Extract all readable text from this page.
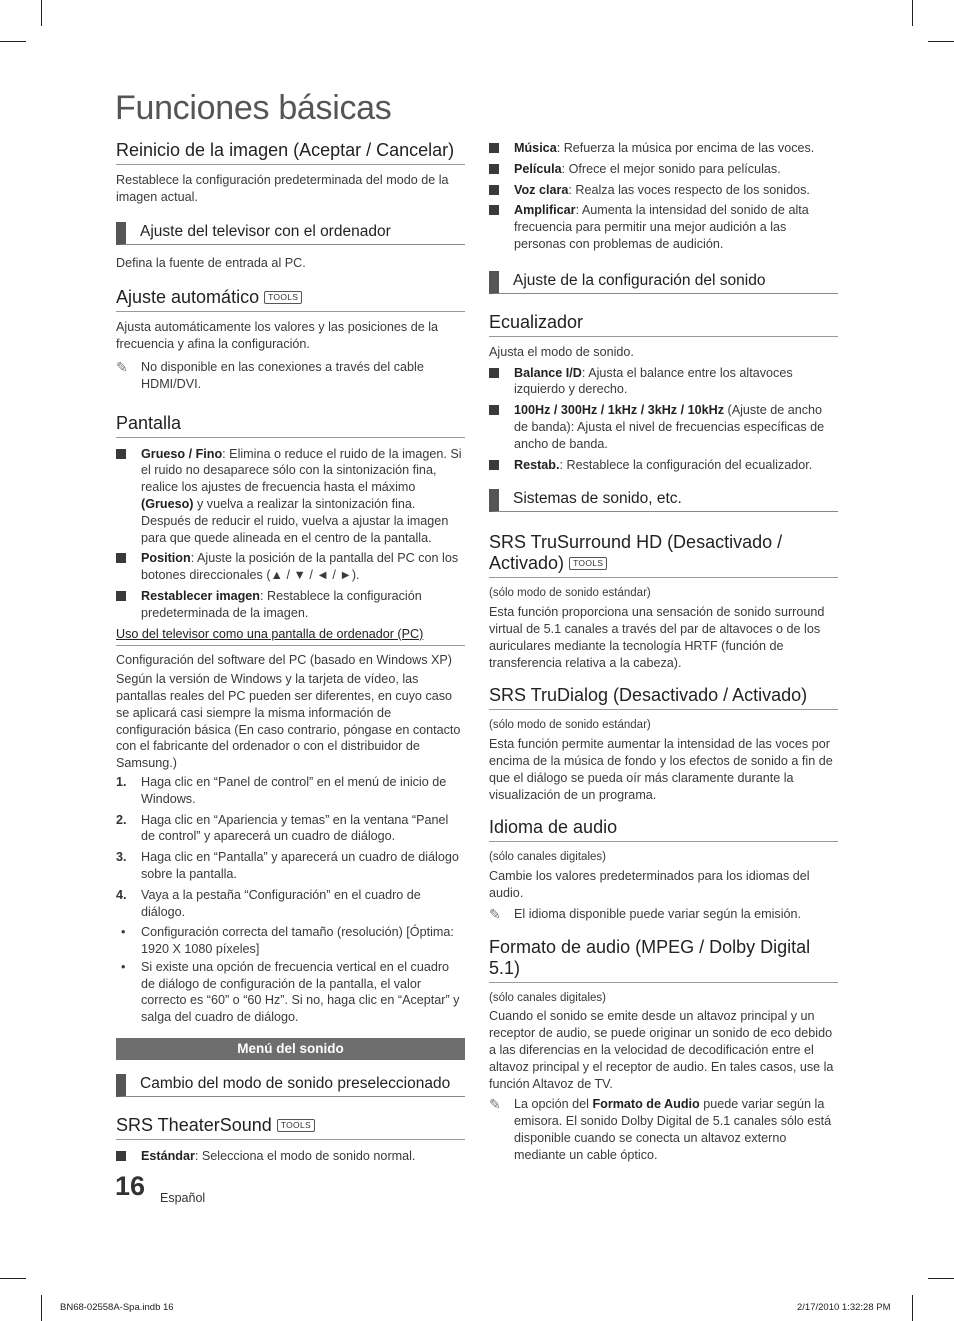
Funciones básicas
Reinicio de la imagen (Aceptar / Cancelar)

Restablece la configuración predeterminada del modo de la imagen actual.

Ajuste del televisor con el ordenador

Defina la fuente de entrada al PC.

Ajuste automático TOOLS

Ajusta automáticamente los valores y las posiciones de la frecuencia y afina la configuración.

✎ No disponible en las conexiones a través del cable HDMI/DVI.
Pantalla
Grueso / Fino: Elimina o reduce el ruido de la imagen. Si el ruido no desaparece sólo con la sintonización fina, realice los ajustes de frecuencia hasta el máximo (Grueso) y vuelva a realizar la sintonización fina. Después de reducir el ruido, vuelva a ajustar la imagen para que quede alineada en el centro de la pantalla.
Position: Ajuste la posición de la pantalla del PC con los botones direccionales (▲ / ▼ / ◄ / ►).
Restablecer imagen: Restablece la configuración predeterminada de la imagen.
Uso del televisor como una pantalla de ordenador (PC)

Configuración del software del PC (basado en Windows XP)

Según la versión de Windows y la tarjeta de vídeo, las pantallas reales del PC pueden ser diferentes, en cuyo caso se aplicará casi siempre la misma información de configuración básica (En caso contrario, póngase en contacto con el fabricante del ordenador o con el distribuidor de Samsung.)

1. Haga clic en “Panel de control” en el menú de inicio de Windows.
2. Haga clic en “Apariencia y temas” en la ventana “Panel de control” y aparecerá un cuadro de diálogo.
3. Haga clic en “Pantalla” y aparecerá un cuadro de diálogo sobre la pantalla.
4. Vaya a la pestaña “Configuración” en el cuadro de diálogo.
• Configuración correcta del tamaño (resolución) [Óptima: 1920 X 1080 píxeles]
• Si existe una opción de frecuencia vertical en el cuadro de diálogo de configuración de la pantalla, el valor correcto es “60” o “60 Hz”. Si no, haga clic en “Aceptar” y salga del cuadro de diálogo.
Menú del sonido
Cambio del modo de sonido preseleccionado
SRS TheaterSound TOOLS
Estándar: Selecciona el modo de sonido normal.
Música: Refuerza la música por encima de las voces.
Película: Ofrece el mejor sonido para películas.
Voz clara: Realza las voces respecto de los sonidos.
Amplificar: Aumenta la intensidad del sonido de alta frecuencia para permitir una mejor audición a las personas con problemas de audición.
Ajuste de la configuración del sonido
Ecualizador

Ajusta el modo de sonido.

Balance I/D: Ajusta el balance entre los altavoces izquierdo y derecho.
100Hz / 300Hz / 1kHz / 3kHz / 10kHz (Ajuste de ancho de banda): Ajusta el nivel de frecuencias específicas de ancho de banda.
Restab.: Restablece la configuración del ecualizador.
Sistemas de sonido, etc.
SRS TruSurround HD (Desactivado / Activado) TOOLS

(sólo modo de sonido estándar)

Esta función proporciona una sensación de sonido surround virtual de 5.1 canales a través del par de altavoces o de los auriculares mediante la tecnología HRTF (función de transferencia relativa a la cabeza).

SRS TruDialog (Desactivado / Activado)

(sólo modo de sonido estándar)

Esta función permite aumentar la intensidad de las voces por encima de la música de fondo y los efectos de sonido a fin de que el diálogo se pueda oír más claramente durante la visualización de un programa.

Idioma de audio

(sólo canales digitales)

Cambie los valores predeterminados para los idiomas del audio.

✎ El idioma disponible puede variar según la emisión.
Formato de audio (MPEG / Dolby Digital 5.1)

(sólo canales digitales)

Cuando el sonido se emite desde un altavoz principal y un receptor de audio, se puede originar un sonido de eco debido a las diferencias en la velocidad de decodificación entre el altavoz principal y el receptor de audio. En tales casos, use la función Altavoz de TV.

✎ La opción del Formato de Audio puede variar según la emisora. El sonido Dolby Digital de 5.1 canales sólo está disponible cuando se conecta un altavoz externo mediante un cable óptico.
16 Español
BN68-02558A-Spa.indb 16	2/17/2010 1:32:28 PM
